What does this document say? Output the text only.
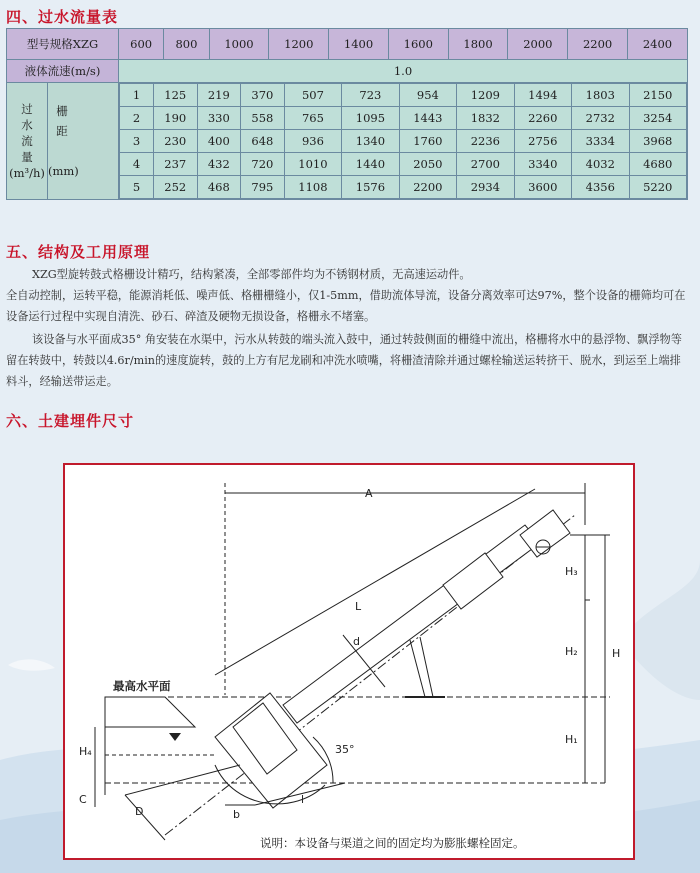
四、过水流量表
型号规格XZG	600	800	1000	1200	1400	1600	1800	2000	2200	2400
液体流速(m/s)	1.0
过
水
流
量
(m³/h)	
栅
距

(mm)

1	125	219	370	507	723	954	1209	1494	1803	2150
2	190	330	558	765	1095	1443	1832	2260	2732	3254
3	230	400	648	936	1340	1760	2236	2756	3334	3968
4	237	432	720	1010	1440	2050	2700	3340	4032	4680
5	252	468	795	1108	1576	2200	2934	3600	4356	5220
五、结构及工用原理
XZG型旋转鼓式格栅设计精巧，结构紧凑，全部零部件均为不锈钢材质，无高速运动件。
全自动控制，运转平稳，能源消耗低、噪声低、格栅栅缝小，仅1-5mm，借助流体导流，设备分离效率可达97%，整个设备的栅筛均可在设备运行过程中实现自清洗、砂石、碎渣及硬物无损设备，格栅永不堵塞。
该设备与水平面成35° 角安装在水渠中，污水从转鼓的端头流入鼓中，通过转鼓侧面的栅缝中流出，格栅将水中的悬浮物、飘浮物等留在转鼓中，转鼓以4.6r/min的速度旋转，鼓的上方有尼龙刷和冲洗水喷嘴，将栅渣清除并通过螺栓输送运转挤干、脱水，到运至上端排料斗，经输送带运走。
六、土建埋件尺寸
A
L
d
H
H₃
H₂
H₁
H₄
C
D	b
l
35°
最高水平面
说明：本设备与渠道之间的固定均为膨胀螺栓固定。
